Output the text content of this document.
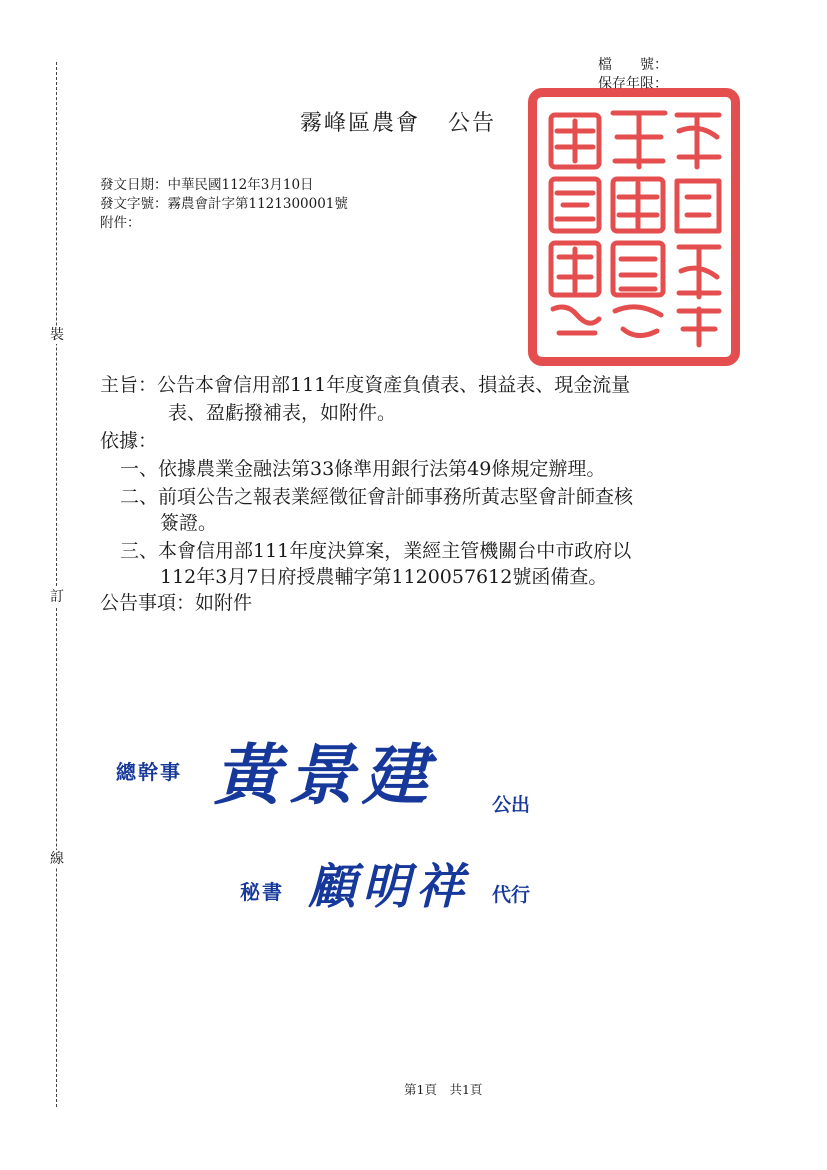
裝
訂
線
檔　　號：
保存年限：
霧峰區農會 公告
發文日期：中華民國112年3月10日
發文字號：霧農會計字第1121300001號
附件：
主旨：公告本會信用部111年度資產負債表、損益表、現金流量
表、盈虧撥補表，如附件。
依據：
一、依據農業金融法第33條準用銀行法第49條規定辦理。
二、前項公告之報表業經徵征會計師事務所黃志堅會計師查核
簽證。
三、本會信用部111年度決算案，業經主管機關台中市政府以
112年3月7日府授農輔字第1120057612號函備查。
公告事項：如附件
總幹事 黃景建	公出
秘書 顧明祥 代行
第1頁　共1頁
